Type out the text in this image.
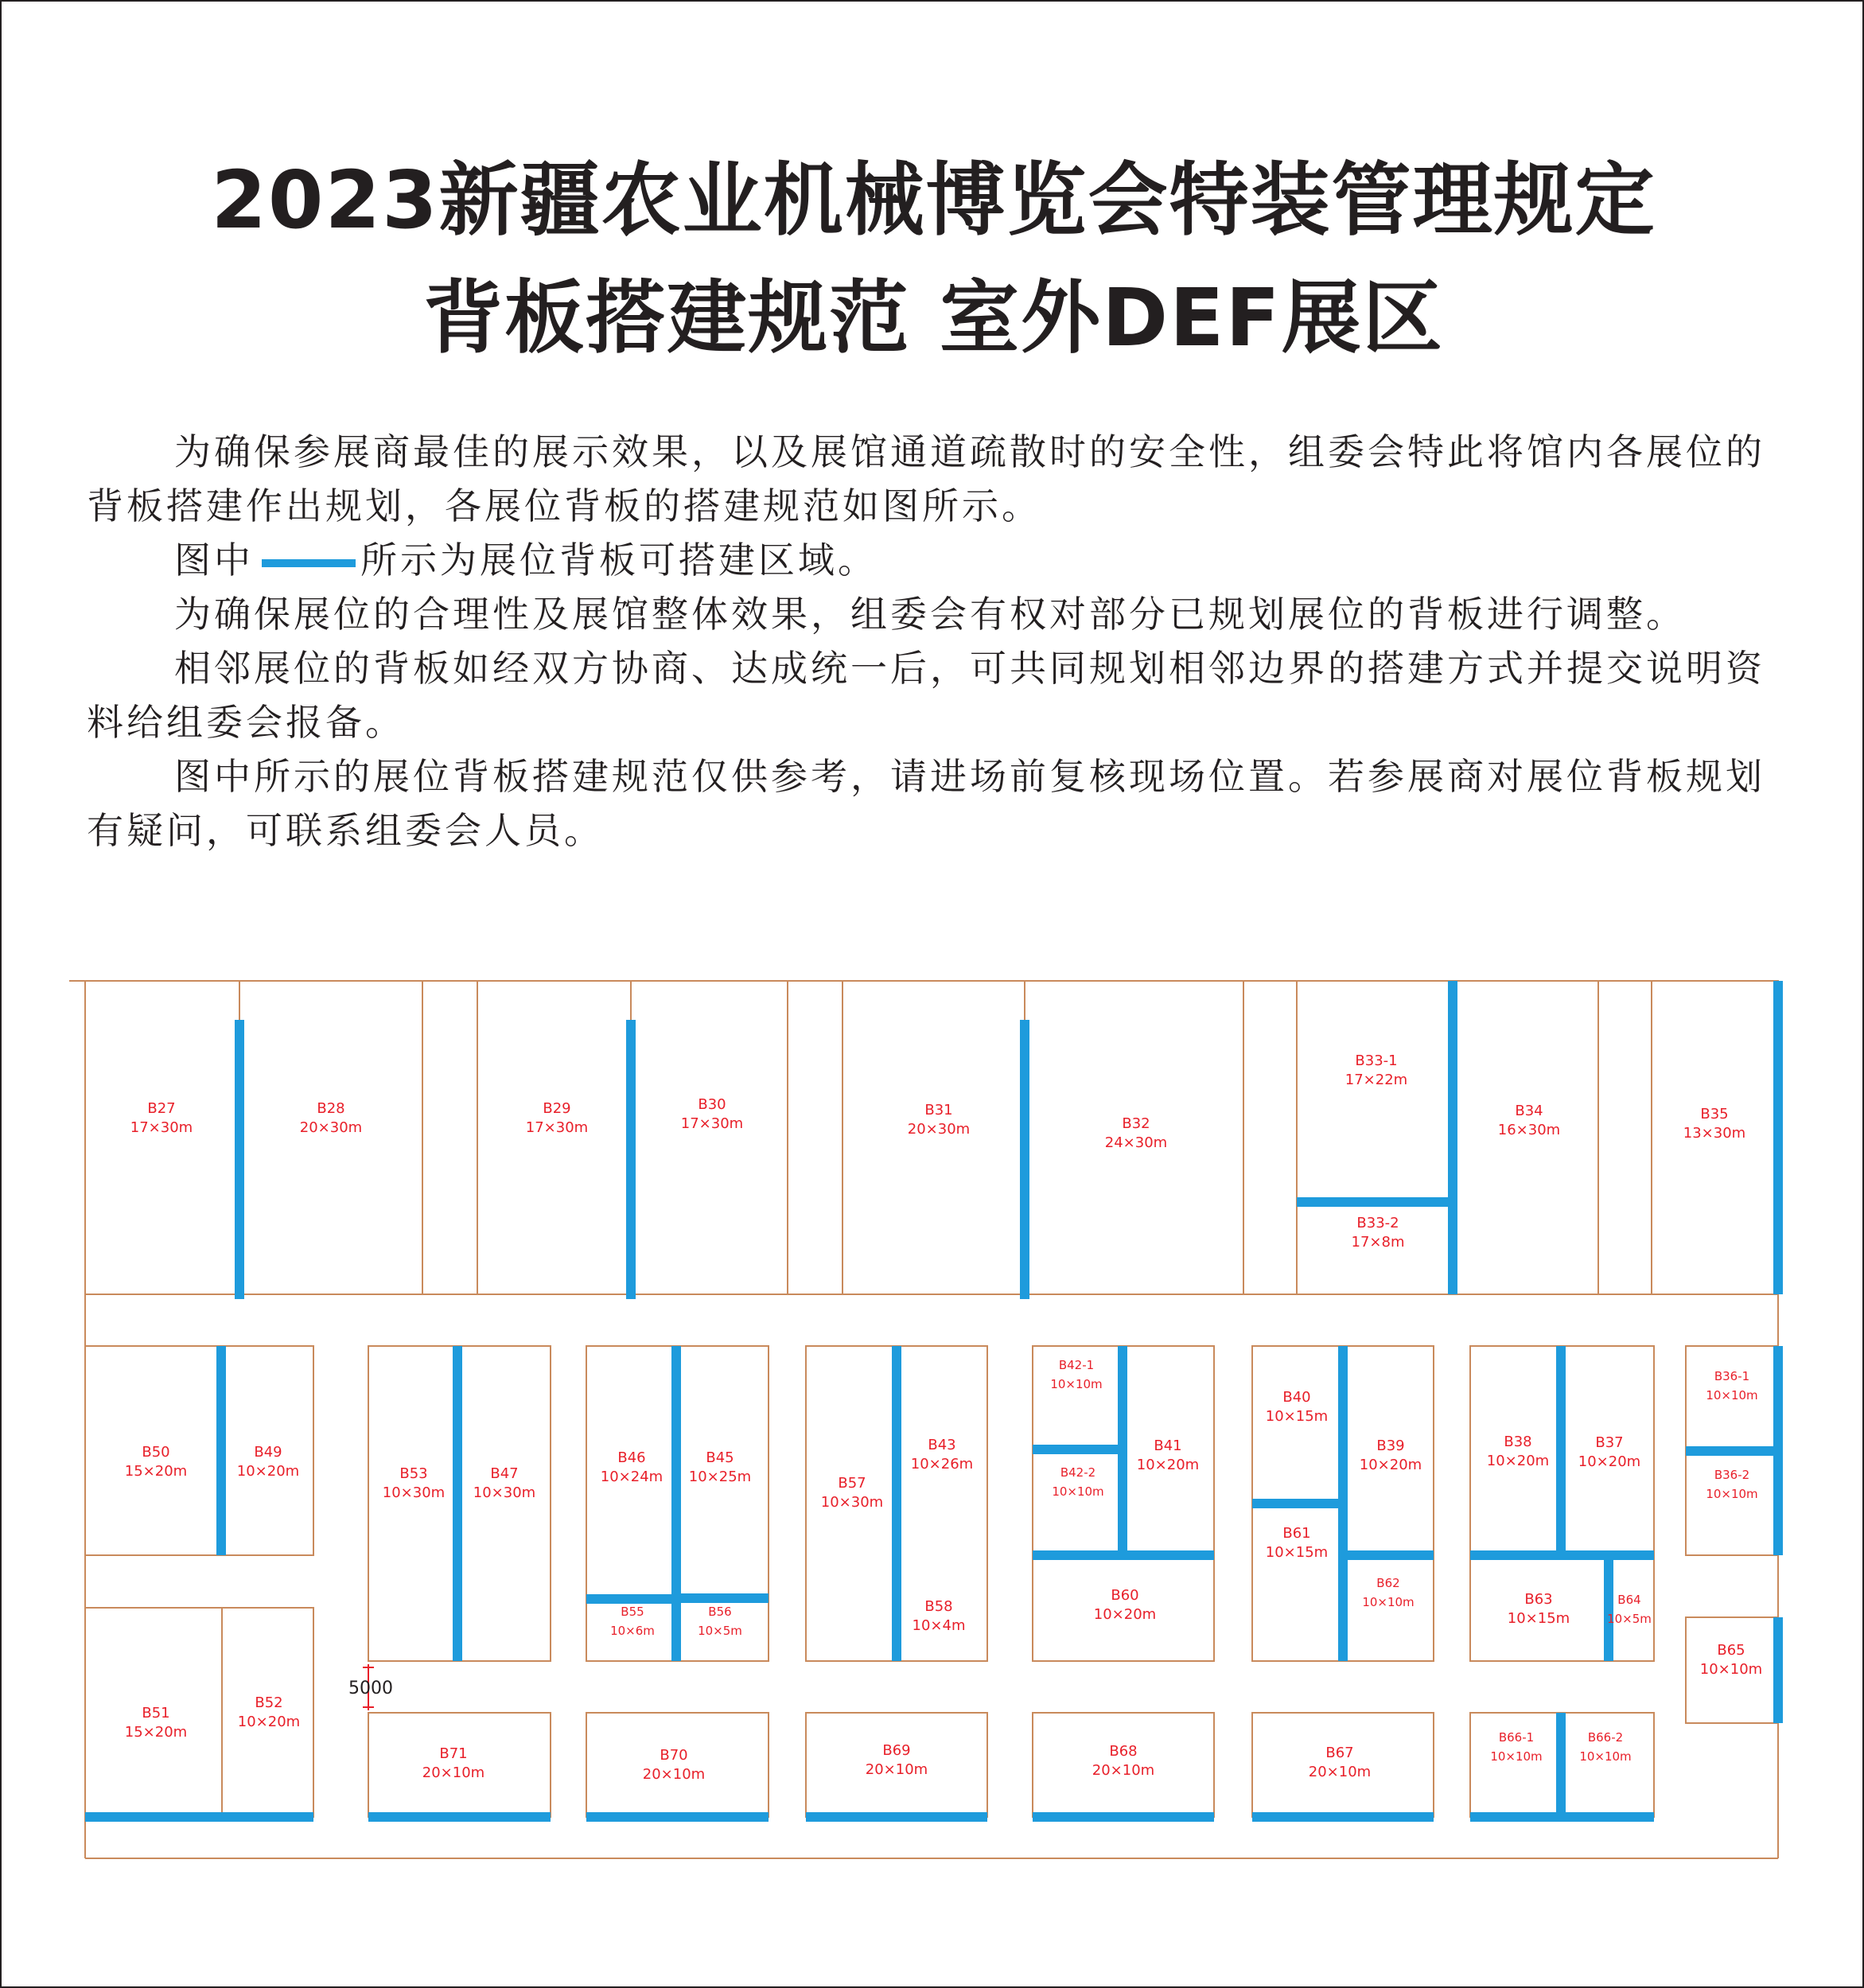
2023新疆农业机械博览会特装管理规定
背板搭建规范 室外DEF展区

为确保参展商最佳的展示效果，以及展馆通道疏散时的安全性，组委会特此将馆内各展位的背板搭建作出规划，各展位背板的搭建规范如图所示。

图中	所示为展位背板可搭建区域。

为确保展位的合理性及展馆整体效果，组委会有权对部分已规划展位的背板进行调整。

相邻展位的背板如经双方协商、达成统一后，可共同规划相邻边界的搭建方式并提交说明资料给组委会报备。

图中所示的展位背板搭建规范仅供参考，请进场前复核现场位置。若参展商对展位背板规划有疑问，可联系组委会人员。

5000
B27
17×30m
B28
20×30m
B29
17×30m
B30
17×30m
B31
20×30m	B32
24×30m
B33-1
17×22m
B33-2
17×8m
B34
16×30m
B35
13×30m
B50
15×20m
B49
10×20m	B53
10×30m
B47
10×30m
B46
10×24m
B45
10×25m
B55
10×6m
B56
10×5m
B57
10×30m
B43
10×26m
B58
10×4m
B42-1
10×10m
B42-2
10×10m
B41
10×20m
B60
10×20m
B40
10×15m
B61
10×15m
B39
10×20m
B62
10×10m
B38
10×20m
B37
10×20m
B63
10×15m
B64
10×5m
B36-1
10×10m
B36-2
10×10m
B65
10×10m
B51
15×20m
B52
10×20m
B71
20×10m
B70
20×10m
B69
20×10m
B68
20×10m
B67
20×10m
B66-1
10×10m
B66-2
10×10m
